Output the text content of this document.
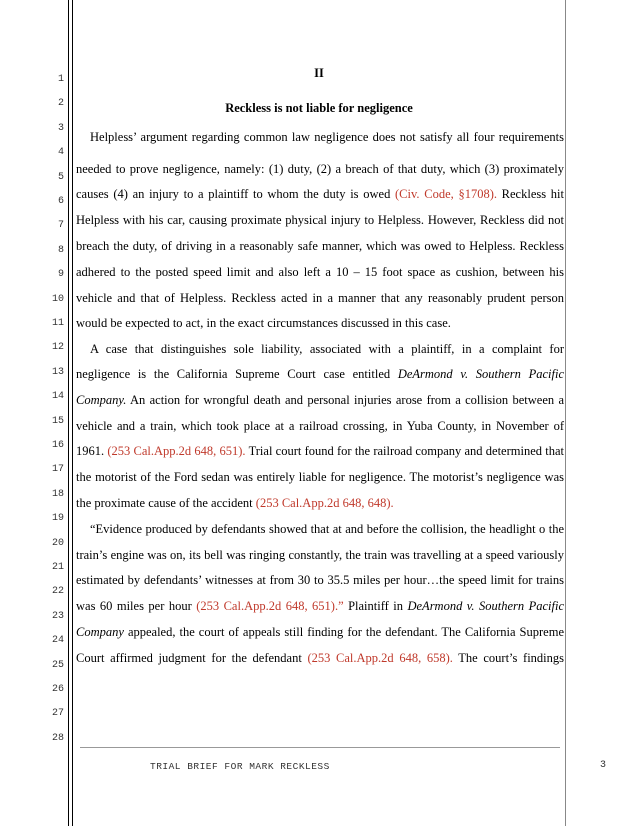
1
2
3
4
5
6
7
8
9
10
11
12
13
14
15
16
17
18
19
20
21
22
23
24
25
26
27
28
II
Reckless is not liable for negligence
Helpless’ argument regarding common law negligence does not satisfy all four requirements
needed to prove negligence, namely: (1) duty, (2) a breach of that duty, which (3) proximately
causes (4) an injury to a plaintiff to whom the duty is owed (Civ. Code, §1708). Reckless hit
Helpless with his car, causing proximate physical injury to Helpless. However, Reckless did not
breach the duty, of driving in a reasonably safe manner, which was owed to Helpless. Reckless
adhered to the posted speed limit and also left a 10 – 15 foot space as cushion, between his
vehicle and that of Helpless. Reckless acted in a manner that any reasonably prudent person
would be expected to act, in the exact circumstances discussed in this case.
A case that distinguishes sole liability, associated with a plaintiff, in a complaint for
negligence is the California Supreme Court case entitled DeArmond v. Southern Pacific
Company. An action for wrongful death and personal injuries arose from a collision between a
vehicle and a train, which took place at a railroad crossing, in Yuba County, in November of
1961. (253 Cal.App.2d 648, 651). Trial court found for the railroad company and determined that
the motorist of the Ford sedan was entirely liable for negligence. The motorist’s negligence was
the proximate cause of the accident (253 Cal.App.2d 648, 648).
“Evidence produced by defendants showed that at and before the collision, the headlight o the
train’s engine was on, its bell was ringing constantly, the train was travelling at a speed variously
estimated by defendants’ witnesses at from 30 to 35.5 miles per hour…the speed limit for trains
was 60 miles per hour (253 Cal.App.2d 648, 651).” Plaintiff in DeArmond v. Southern Pacific
Company appealed, the court of appeals still finding for the defendant. The California Supreme
Court affirmed judgment for the defendant (253 Cal.App.2d 648, 658). The court’s findings
TRIAL BRIEF FOR MARK RECKLESS	3
